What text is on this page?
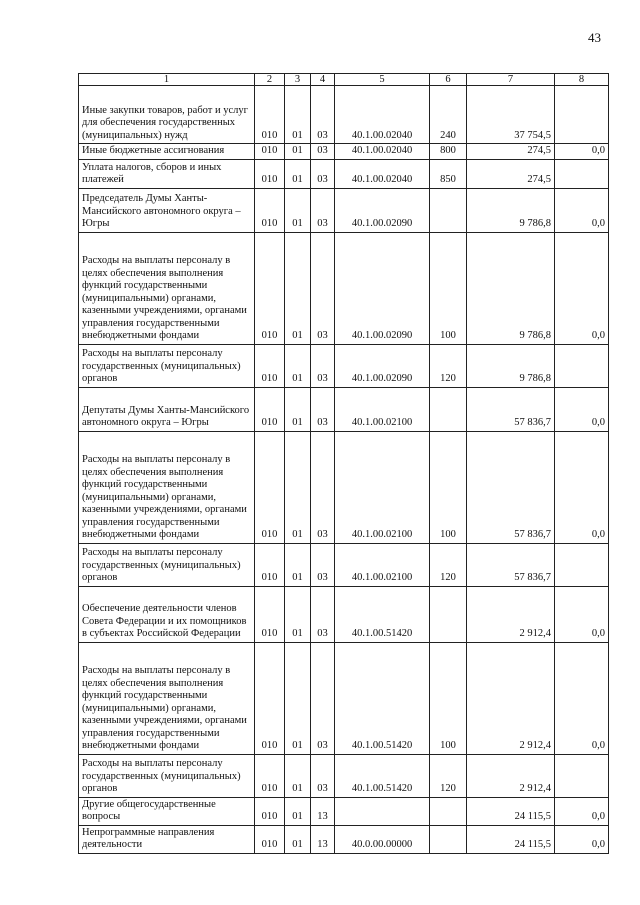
43
1	2	3	4	5	6	7	8
Иные закупки товаров, работ и услуг для обеспечения государственных (муниципальных) нужд	010	01	03	40.1.00.02040	240	37 754,5	
Иные бюджетные ассигнования	010	01	03	40.1.00.02040	800	274,5	0,0
Уплата налогов, сборов и иных платежей	010	01	03	40.1.00.02040	850	274,5	
Председатель Думы Ханты-Мансийского автономного округа – Югры	010	01	03	40.1.00.02090		9 786,8	0,0
Расходы на выплаты персоналу в целях обеспечения выполнения функций государственными (муниципальными) органами, казенными учреждениями, органами управления государственными внебюджетными фондами	010	01	03	40.1.00.02090	100	9 786,8	0,0
Расходы на выплаты персоналу государственных (муниципальных) органов	010	01	03	40.1.00.02090	120	9 786,8	
Депутаты Думы Ханты-Мансийского автономного округа – Югры	010	01	03	40.1.00.02100		57 836,7	0,0
Расходы на выплаты персоналу в целях обеспечения выполнения функций государственными (муниципальными) органами, казенными учреждениями, органами управления государственными внебюджетными фондами	010	01	03	40.1.00.02100	100	57 836,7	0,0
Расходы на выплаты персоналу государственных (муниципальных) органов	010	01	03	40.1.00.02100	120	57 836,7	
Обеспечение деятельности членов Совета Федерации и их помощников в субъектах Российской Федерации	010	01	03	40.1.00.51420		2 912,4	0,0
Расходы на выплаты персоналу в целях обеспечения выполнения функций государственными (муниципальными) органами, казенными учреждениями, органами управления государственными внебюджетными фондами	010	01	03	40.1.00.51420	100	2 912,4	0,0
Расходы на выплаты персоналу государственных (муниципальных) органов	010	01	03	40.1.00.51420	120	2 912,4	
Другие общегосударственные вопросы	010	01	13			24 115,5	0,0
Непрограммные направления деятельности	010	01	13	40.0.00.00000		24 115,5	0,0
